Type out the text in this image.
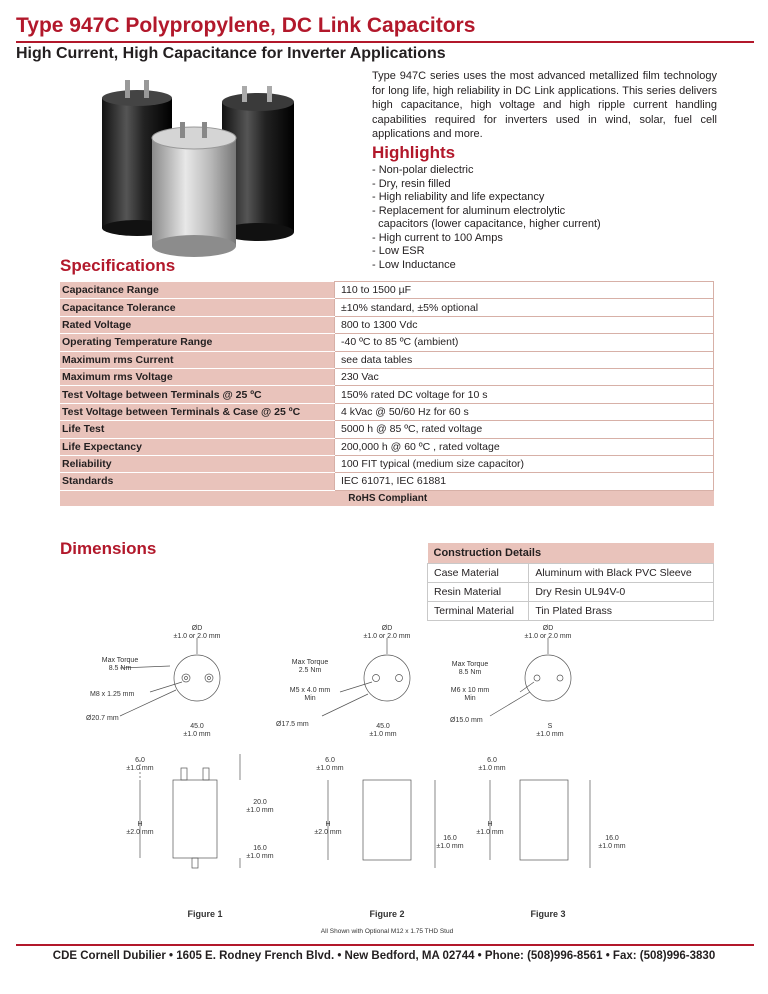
Type 947C Polypropylene, DC Link Capacitors
High Current, High Capacitance for Inverter Applications
Type 947C series uses the most advanced metallized film technology for long life, high reliability in DC Link applications. This series delivers high capacitance, high voltage and high ripple current handling capabilities required for inverters used in wind, solar, fuel cell applications and more.
Highlights
- Non-polar dielectric
- Dry, resin filled
- High reliability and life expectancy
- Replacement for aluminum electrolytic
capacitors (lower capacitance, higher current)
- High current to 100 Amps
- Low ESR
- Low Inductance
Specifications
Capacitance Range	110 to 1500 µF
Capacitance Tolerance	±10% standard, ±5% optional
Rated Voltage	800 to 1300 Vdc
Operating Temperature Range	-40 ºC to 85 ºC (ambient)
Maximum rms Current	see data tables
Maximum rms Voltage	230 Vac
Test Voltage between Terminals @ 25 ºC	150% rated DC voltage for 10 s
Test Voltage between Terminals & Case @ 25 ºC	4 kVac @ 50/60 Hz for 60 s
Life Test	5000 h @ 85 ºC, rated voltage
Life Expectancy	200,000 h @ 60 ºC , rated voltage
Reliability	100 FIT typical (medium size capacitor)
Standards	IEC 61071, IEC 61881
RoHS Compliant	
Dimensions	Construction Details	
Case Material	Aluminum with Black PVC Sleeve
Resin Material	Dry Resin UL94V-0
Terminal Material	Tin Plated Brass
ØD
±1.0 or 2.0 mm
Max Torque
8.5 Nm
M8 x 1.25 mm
Ø20.7 mm
45.0
±1.0 mm
6.0
±1.0 mm
H
±2.0 mm
20.0
±1.0 mm
16.0
±1.0 mm
Figure 1
ØD
±1.0 or 2.0 mm
Max Torque
2.5 Nm
M5 x 4.0 mm
Min
Ø17.5 mm	45.0
±1.0 mm
6.0
±1.0 mm
H
±2.0 mm
16.0
±1.0 mm
Figure 2
All Shown with Optional M12 x 1.75 THD Stud
ØD
±1.0 or 2.0 mm
Max Torque
8.5 Nm
M6 x 10 mm
Min
Ø15.0 mm
S
±1.0 mm
6.0
±1.0 mm
H
±1.0 mm
16.0
±1.0 mm
Figure 3
CDE Cornell Dubilier • 1605 E. Rodney French Blvd. • New Bedford, MA 02744 • Phone: (508)996-8561 • Fax: (508)996-3830
